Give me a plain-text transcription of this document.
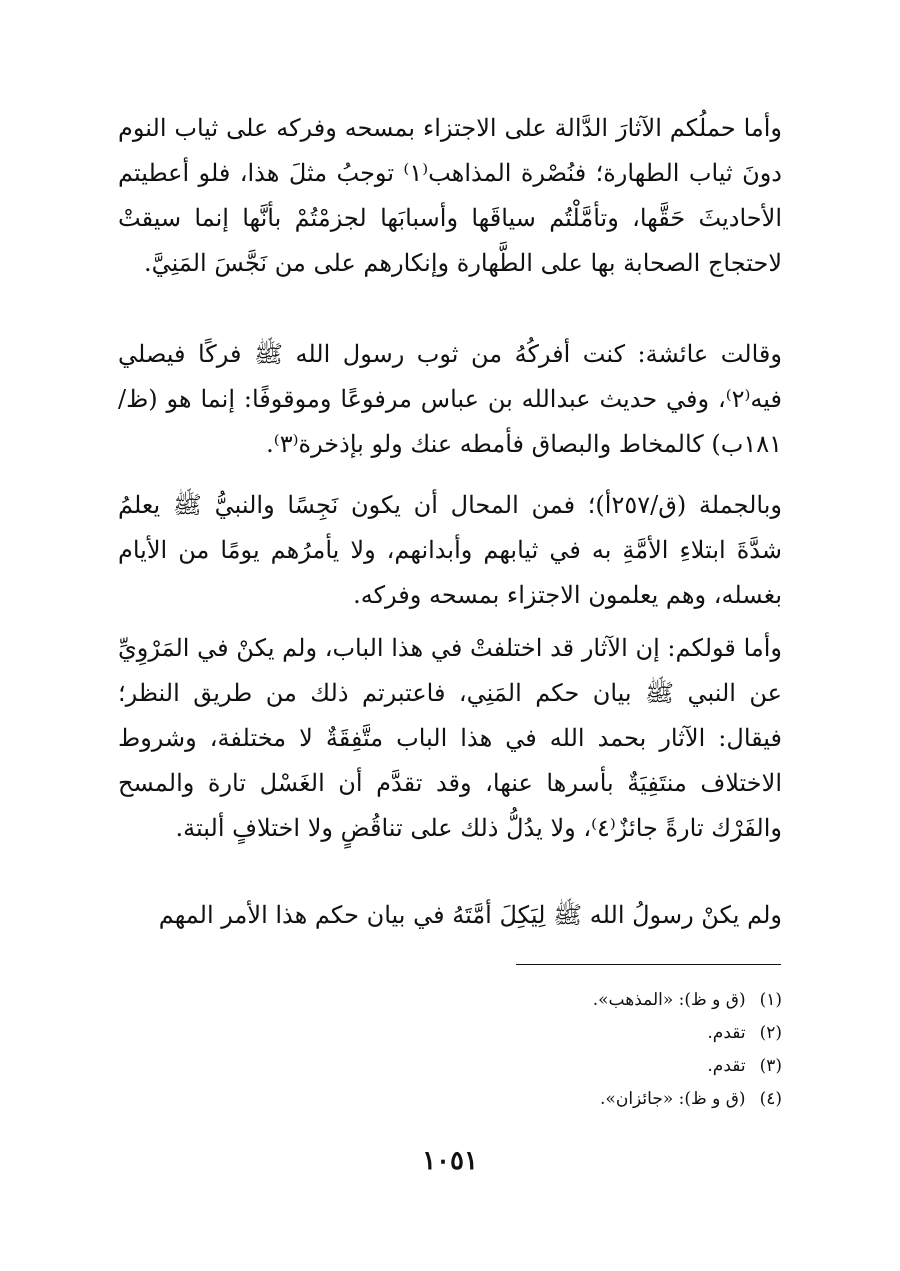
وأما حملُكم الآثارَ الدَّالة على الاجتزاء بمسحه وفركه على ثياب النوم دونَ ثياب الطهارة؛ فنُصْرة المذاهب⁽١⁾ توجبُ مثلَ هذا، فلو أعطيتم الأحاديثَ حَقَّها، وتأمَّلْتُم سياقَها وأسبابَها لجزمْتُمْ بأنَّها إنما سيقتْ لاحتجاج الصحابة بها على الطَّهارة وإنكارهم على من نَجَّسَ المَنِيَّ.

وقالت عائشة: كنت أفركُهُ من ثوب رسول الله ﷺ فركًا فيصلي فيه⁽٢⁾، وفي حديث عبدالله بن عباس مرفوعًا وموقوفًا: إنما هو (ظ/١٨١ب) كالمخاط والبصاق فأمطه عنك ولو بإذخرة⁽٣⁾.

وبالجملة (ق/٢٥٧أ)؛ فمن المحال أن يكون نَجِسًا والنبيُّ ﷺ يعلمُ شدَّةَ ابتلاءِ الأمَّةِ به في ثيابهم وأبدانهم، ولا يأمرُهم يومًا من الأيام بغسله، وهم يعلمون الاجتزاء بمسحه وفركه.

وأما قولكم: إن الآثار قد اختلفتْ في هذا الباب، ولم يكنْ في المَرْوِيِّ عن النبي ﷺ بيان حكم المَنِي، فاعتبرتم ذلك من طريق النظر؛ فيقال: الآثار بحمد الله في هذا الباب متَّفِقَةٌ لا مختلفة، وشروط الاختلاف منتَفِيَةٌ بأسرها عنها، وقد تقدَّم أن الغَسْل تارة والمسح والفَرْك تارةً جائزٌ⁽٤⁾، ولا يدُلُّ ذلك على تناقُضٍ ولا اختلافٍ ألبتة.

ولم يكنْ رسولُ الله ﷺ لِيَكِلَ أمَّتَهُ في بيان حكم هذا الأمر المهم

(١)(ق و ظ): «المذهب».
(٢)تقدم.
(٣)تقدم.
(٤)(ق و ظ): «جائزان».
١٠٥١
